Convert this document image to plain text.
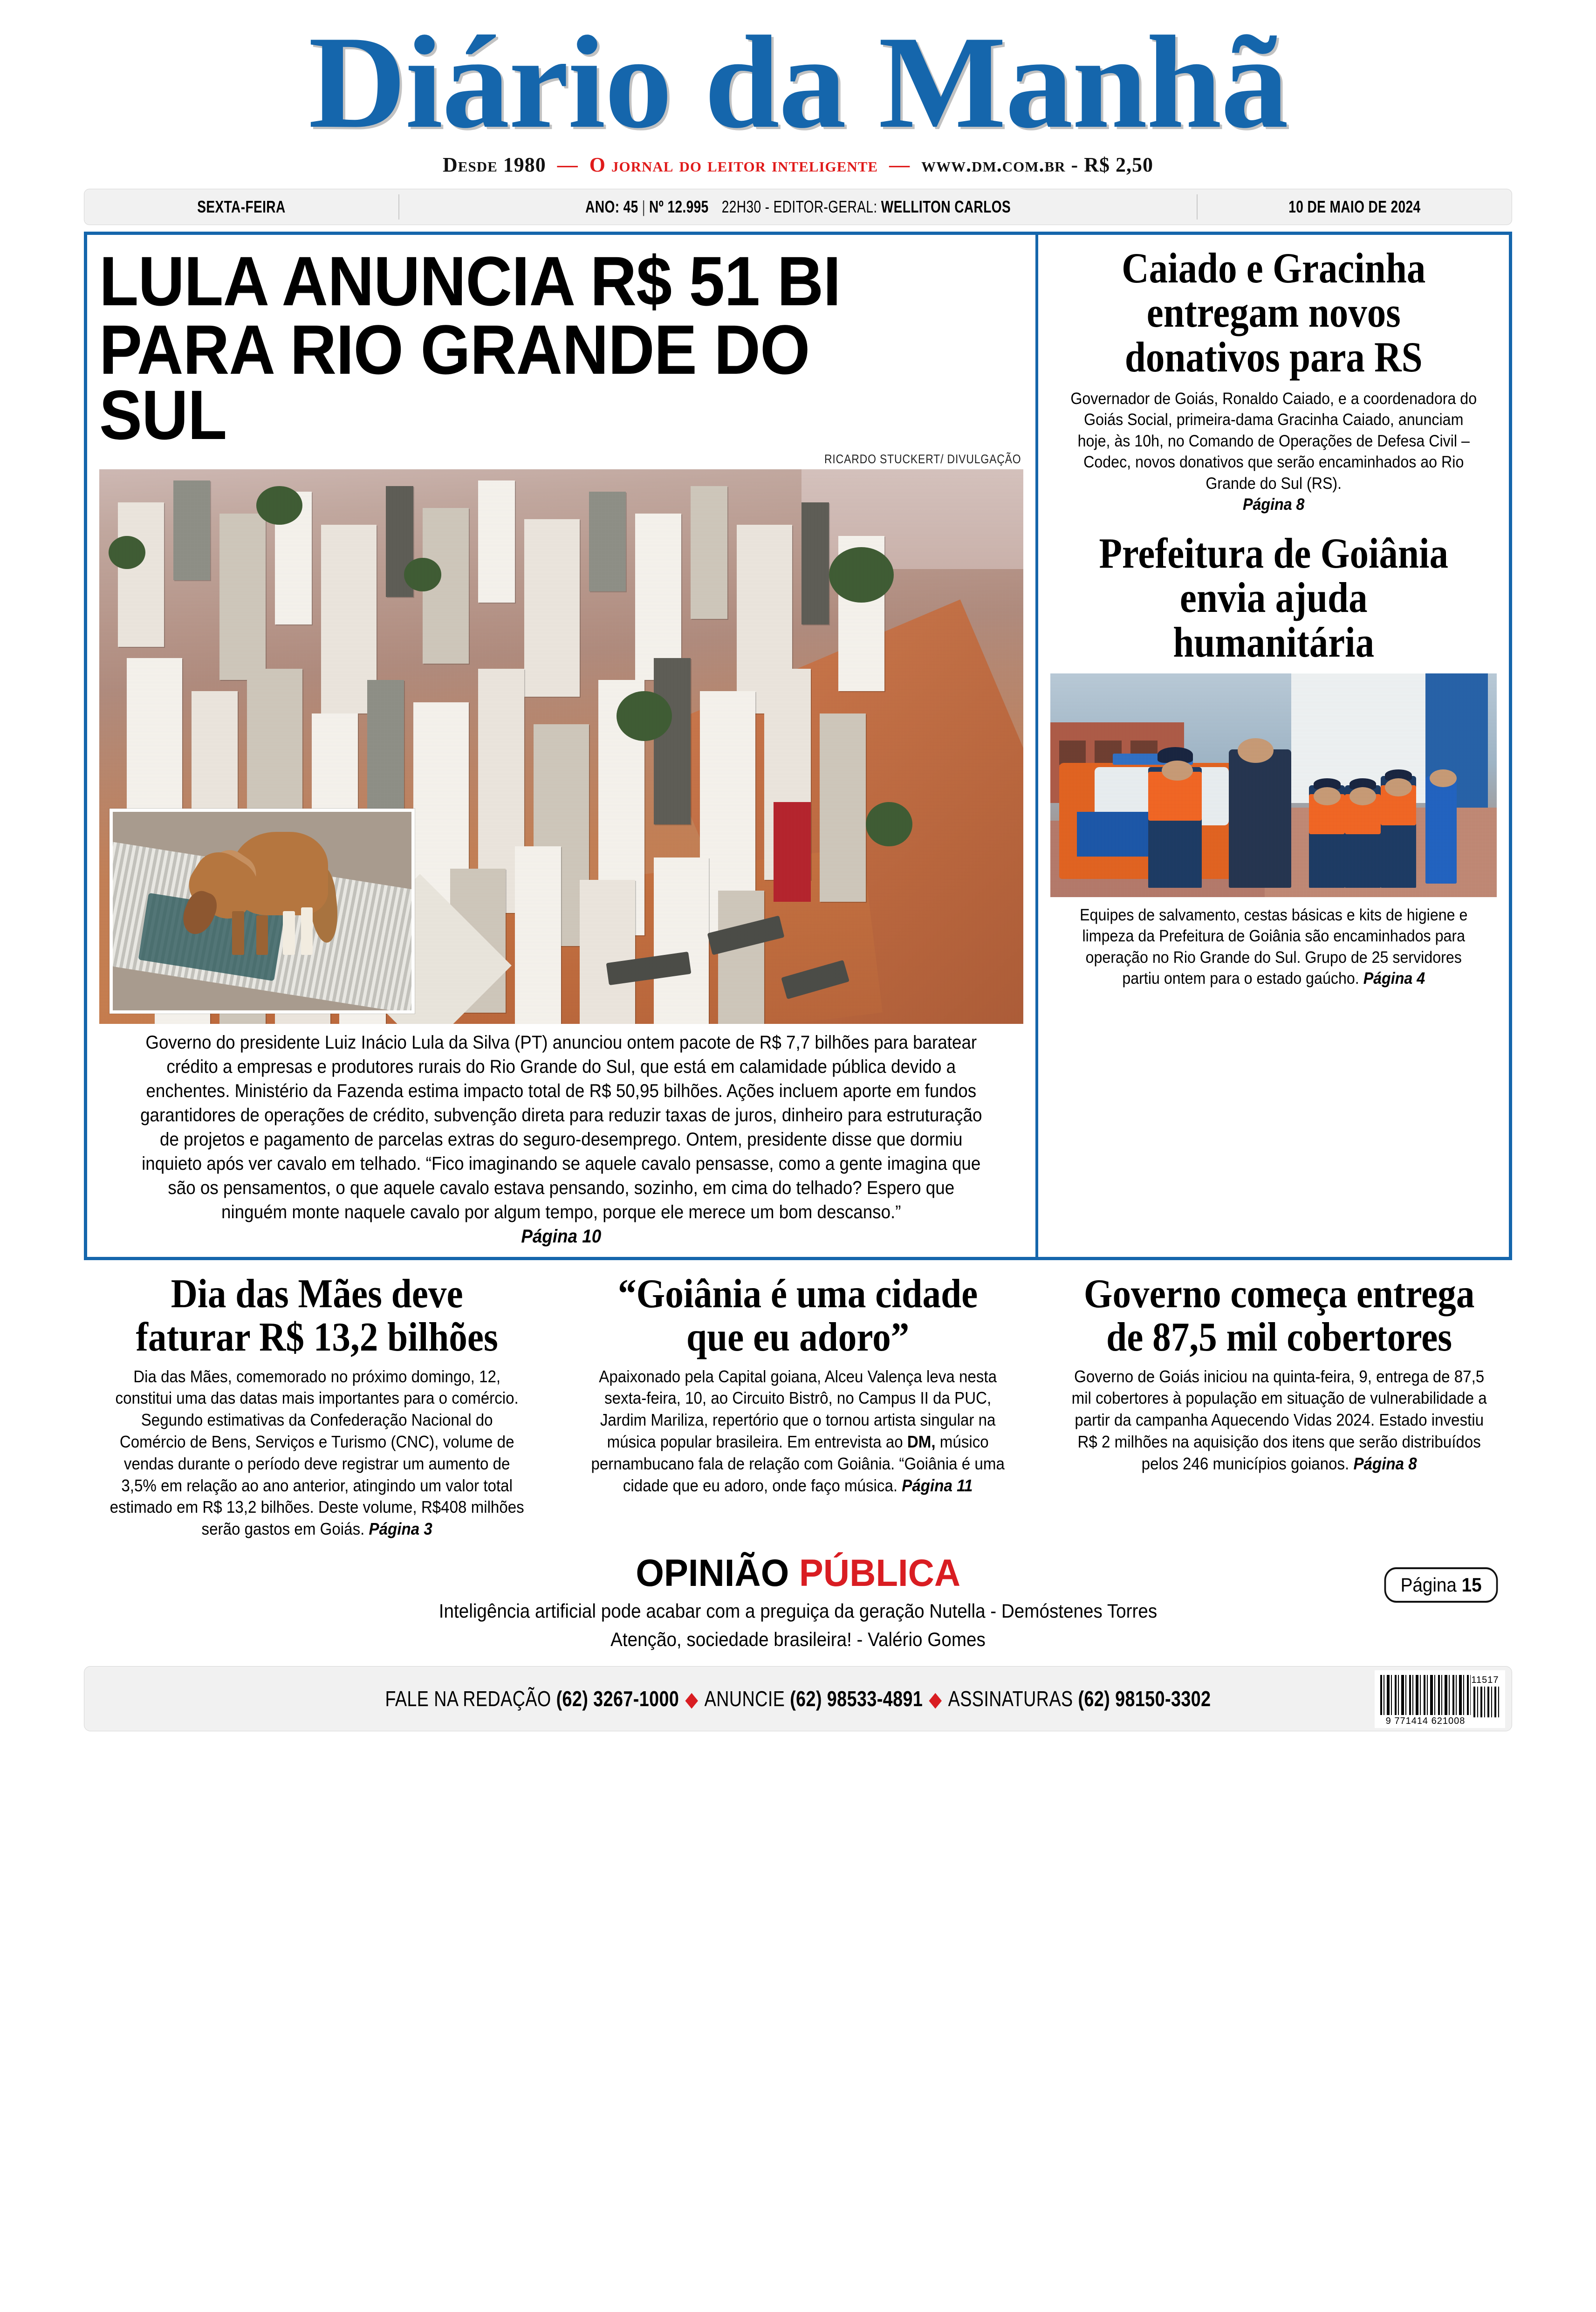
Diário da Manhã
Desde 1980  —  O jornal do leitor inteligente  —  www.dm.com.br - R$ 2,50
SEXTA-FEIRA	ANO: 45 | Nº 12.995 22H30 - EDITOR-GERAL:
WELLITON CARLOS	10 DE MAIO DE 2024
LULA ANUNCIA R$ 51 BI
PARA RIO GRANDE DO SUL
RICARDO STUCKERT/ DIVULGAÇÃO
Governo do presidente Luiz Inácio Lula da Silva (PT) anunciou ontem pacote de R$ 7,7 bilhões para baratear crédito a empresas e produtores rurais do Rio Grande do Sul, que está em calamidade pública devido a enchentes. Ministério da Fazenda estima impacto total de R$ 50,95 bilhões. Ações incluem aporte em fundos garantidores de operações de crédito, subvenção direta para reduzir taxas de juros, dinheiro para estruturação de projetos e pagamento de parcelas extras do seguro-desemprego. Ontem, presidente disse que dormiu inquieto após ver cavalo em telhado. “Fico imaginando se aquele cavalo pensasse, como a gente imagina que são os pensamentos, o que aquele cavalo estava pensando, sozinho, em cima do telhado? Espero que ninguém monte naquele cavalo por algum tempo, porque ele merece um bom descanso.”
Página 10
Caiado e Gracinha entregam novos donativos para RS
Governador de Goiás, Ronaldo Caiado, e a coordenadora do Goiás Social, primeira-dama Gracinha Caiado, anunciam hoje, às 10h, no Comando de Operações de Defesa Civil – Codec, novos donativos que serão encaminhados ao Rio Grande do Sul (RS).
Página 8
Prefeitura de Goiânia envia ajuda humanitária
Equipes de salvamento, cestas básicas e kits de higiene e limpeza da Prefeitura de Goiânia são encaminhados para operação no Rio Grande do Sul. Grupo de 25 servidores partiu ontem para o estado gaúcho. Página 4
Dia das Mães deve faturar R$ 13,2 bilhões
Dia das Mães, comemorado no próximo domingo, 12, constitui uma das datas mais importantes para o comércio. Segundo estimativas da Confederação Nacional do Comércio de Bens, Serviços e Turismo (CNC), volume de vendas durante o período deve registrar um aumento de 3,5% em relação ao ano anterior, atingindo um valor total estimado em R$ 13,2 bilhões. Deste volume, R$408 milhões serão gastos em Goiás. Página 3
“Goiânia é uma cidade que eu adoro”
Apaixonado pela Capital goiana, Alceu Valença leva nesta sexta-feira, 10, ao Circuito Bistrô, no Campus II da PUC, Jardim Mariliza, repertório que o tornou artista singular na música popular brasileira. Em entrevista ao DM, músico pernambucano fala de relação com Goiânia. “Goiânia é uma cidade que eu adoro, onde faço música. Página 11
Governo começa entrega de 87,5 mil cobertores
Governo de Goiás iniciou na quinta-feira, 9, entrega de 87,5 mil cobertores à população em situação de vulnerabilidade a partir da campanha Aquecendo Vidas 2024. Estado investiu R$ 2 milhões na aquisição dos itens que serão distribuídos pelos 246 municípios goianos. Página 8
OPINIÃO PÚBLICA
Inteligência artificial pode acabar com a preguiça da geração Nutella - Demóstenes Torres
Atenção, sociedade brasileira! - Valério Gomes
Página 15
FALE NA REDAÇÃO (62) 3267-1000 ◆ ANUNCIE (62) 98533-4891 ◆ ASSINATURAS (62) 98150-3302
9 771414 621008
11517
